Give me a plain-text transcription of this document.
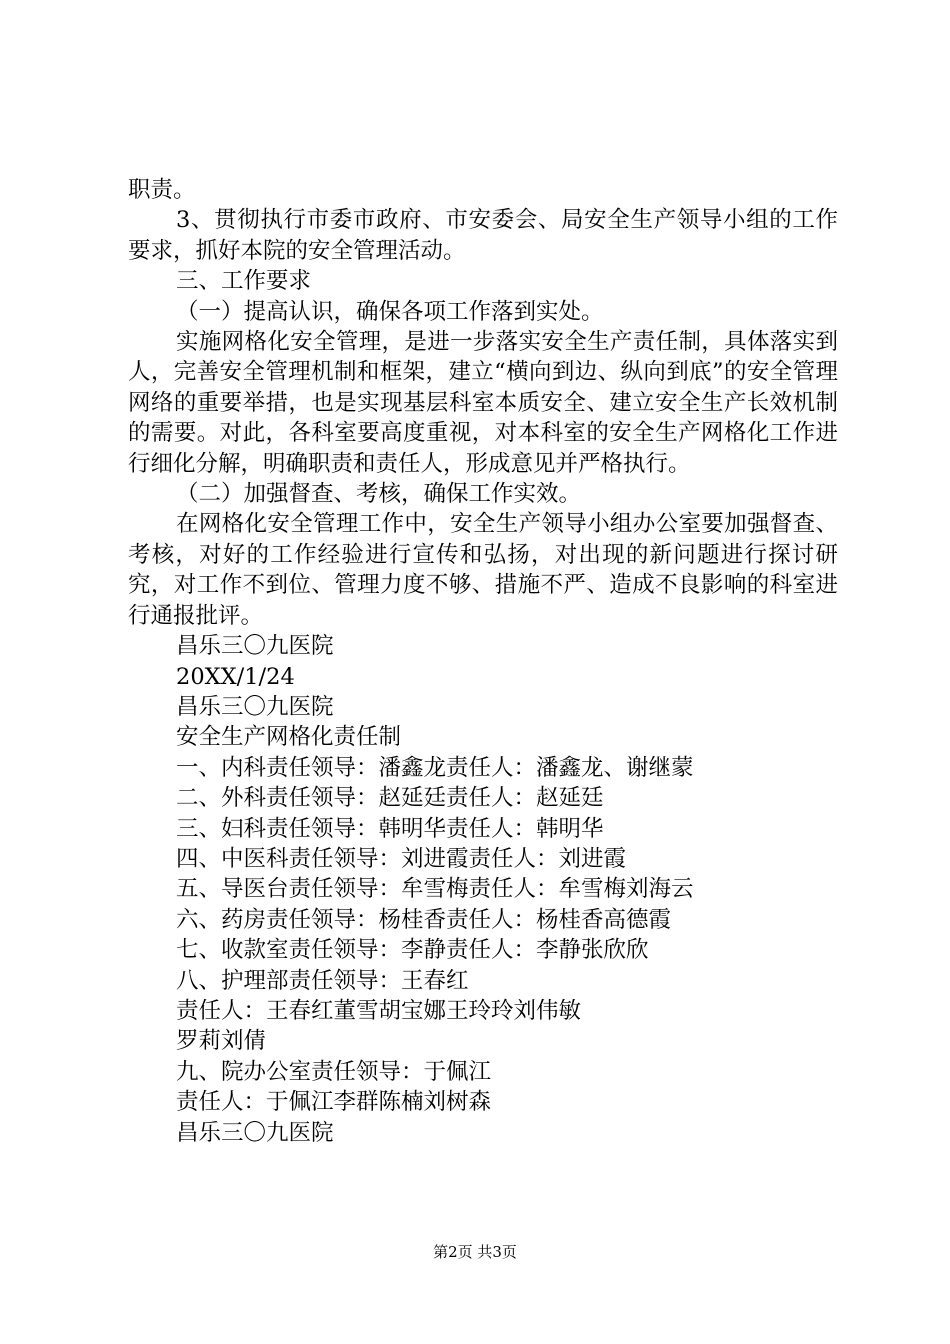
职责。

3、贯彻执行市委市政府、市安委会、局安全生产领导小组的工作要求，抓好本院的安全管理活动。

三、工作要求

（一）提高认识，确保各项工作落到实处。

实施网格化安全管理，是进一步落实安全生产责任制，具体落实到人，完善安全管理机制和框架，建立“横向到边、纵向到底”的安全管理网络的重要举措，也是实现基层科室本质安全、建立安全生产长效机制的需要。对此，各科室要高度重视，对本科室的安全生产网格化工作进行细化分解，明确职责和责任人，形成意见并严格执行。

（二）加强督查、考核，确保工作实效。

在网格化安全管理工作中，安全生产领导小组办公室要加强督查、考核，对好的工作经验进行宣传和弘扬，对出现的新问题进行探讨研究，对工作不到位、管理力度不够、措施不严、造成不良影响的科室进行通报批评。

昌乐三〇九医院

20XX/1/24

昌乐三〇九医院

安全生产网格化责任制

一、内科责任领导：潘鑫龙责任人：潘鑫龙、谢继蒙

二、外科责任领导：赵延廷责任人：赵延廷

三、妇科责任领导：韩明华责任人：韩明华

四、中医科责任领导：刘进霞责任人：刘进霞

五、导医台责任领导：牟雪梅责任人：牟雪梅刘海云

六、药房责任领导：杨桂香责任人：杨桂香高德霞

七、收款室责任领导：李静责任人：李静张欣欣

八、护理部责任领导：王春红

责任人：王春红董雪胡宝娜王玲玲刘伟敏

罗莉刘倩

九、院办公室责任领导：于佩江

责任人：于佩江李群陈楠刘树森

昌乐三〇九医院

第2页 共3页
